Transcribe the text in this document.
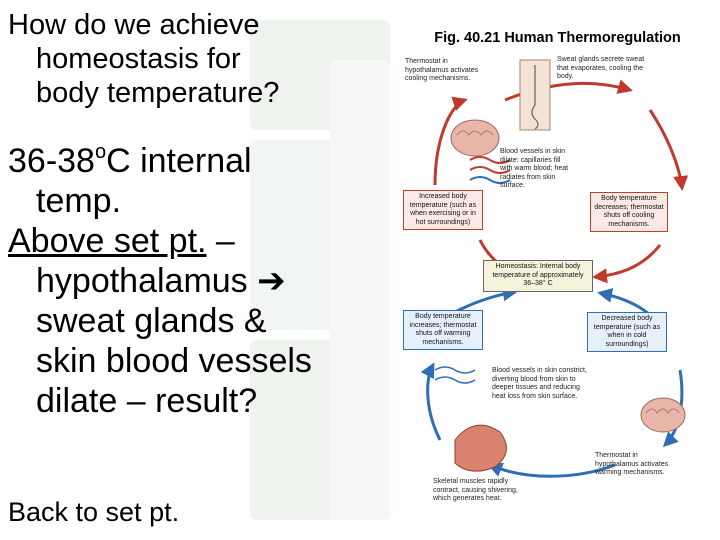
How do we achieve
homeostasis for
body temperature?

36-38$^o$C internal
temp.
Above set pt. –
hypothalamus ➔
sweat glands &
skin blood vessels
dilate – result?
Back to set pt.
Fig. 40.21 Human Thermoregulation
Thermostat in hypothalamus activates cooling mechanisms.
Sweat glands secrete sweat that evaporates, cooling the body.
Blood vessels in skin dilate: capillaries fill with warm blood; heat radiates from skin surface.
Increased body temperature (such as when exercising or in hot surroundings)
Body temperature decreases; thermostat shuts off cooling mechanisms.
Homeostasis: Internal body temperature of approximately 36–38° C
Body temperature increases; thermostat shuts off warming mechanisms.
Decreased body temperature (such as when in cold surroundings)
Blood vessels in skin constrict, diverting blood from skin to deeper tissues and reducing heat loss from skin surface.
Thermostat in hypothalamus activates warming mechanisms.
Skeletal muscles rapidly contract, causing shivering, which generates heat.
